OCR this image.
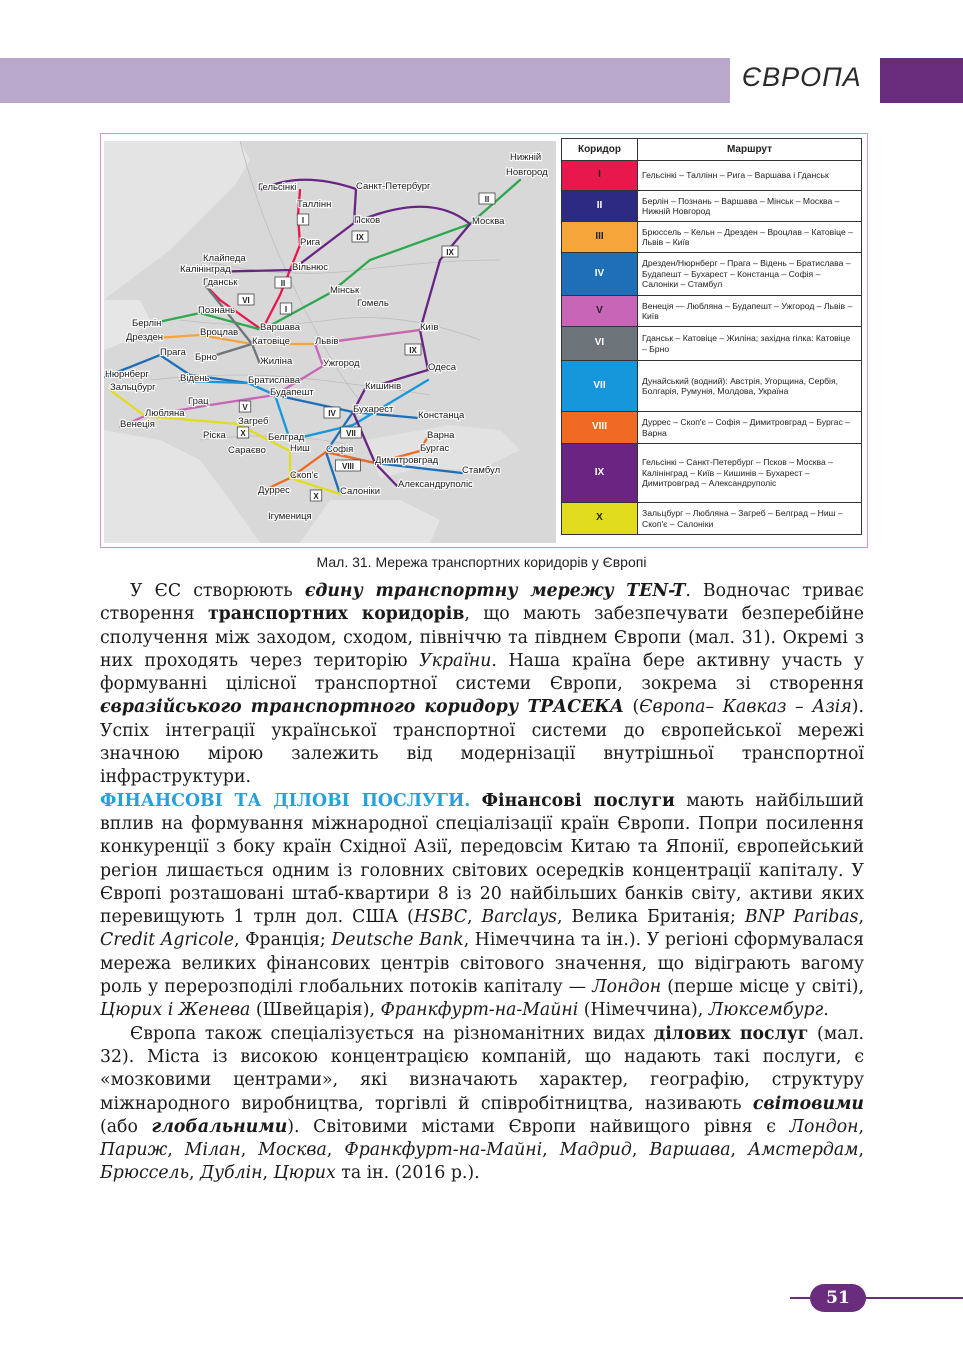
ЄВРОПА
Нижній
Новгород
Гельсінкі	Санкт-Петербург
Таллінн
Псков	Москва
Рига
Клайпеда
Калінінград	Вільнюс
Гданськ
Мінськ
Гомель
Познань
Берлін	Варшава	Київ
Дрезден	Вроцлав
Катовіце	Львів
Прага Брно	Жиліна	Ужгород	Одеса
Нюрнберг	Відень	Братислава
Зальцбург	Кишинів
Будапешт
Грац
Любляна
Загреб
Бухарест
Констанца
Венеція
Ріска	Белград	Варна
Сараєво	Ниш Софія	Бургас
Димитровград
Стамбул
Скоп'є
Александруполіс
Дуррес	Салоніки
Ігумениця
II
I
IX
IX
I
VI
II
IX
V
X
IV
VII
VIII
X
Коридор	Маршрут
I	Гельсінкі – Таллінн – Рига – Варшава і Гданськ
II	Берлін – Познань – Варшава – Мінськ – Москва – Нижній Новгород
III	Брюссель – Кельн – Дрезден – Вроцлав – Катовіце – Львів – Київ
IV	Дрезден/Нюрнберг – Прага – Відень – Братислава – Будапешт – Бухарест – Констанца – Софія – Салоніки – Стамбул
V	Венеція — Любляна – Будапешт – Ужгород – Львів – Київ
VI	Гданськ – Катовіце – Жиліна; західна гілка: Катовіце – Брно
VII	Дунайський (водний): Австрія, Угорщина, Сербія, Болгарія, Румунія, Молдова, Україна
VIII	Дуррес – Скоп'є – Софія – Димитровград – Бургас – Варна
IX	Гельсінкі – Санкт-Петербург – Псков – Москва – Калінінград – Київ – Кишинів – Бухарест – Димитровград – Александруполіс
X	Зальцбург – Любляна – Загреб – Белград – Ниш – Скоп'є – Салоніки
Мал. 31. Мережа транспортних коридорів у Європі

У ЄС створюють єдину транспортну мережу TEN-T. Водночас триває створення транспортних коридорів, що мають забезпечувати безперебійне сполучення між заходом, сходом, північчю та півднем Європи (мал. 31). Окремі з них проходять через територію України. Наша країна бере активну участь у формуванні цілісної транспортної системи Європи, зокрема зі створення євразійського транспортного коридору ТРАСЕКА (Європа– Кавказ – Азія). Успіх інтеграції української транспортної системи до європейської мережі значною мірою залежить від модернізації внутрішньої транспортної інфраструктури.

ФІНАНСОВІ ТА ДІЛОВІ ПОСЛУГИ. Фінансові послуги мають найбільший вплив на формування міжнародної спеціалізації країн Європи. Попри посилення конкуренції з боку країн Східної Азії, передовсім Китаю та Японії, європейський регіон лишається одним із головних світових осередків концентрації капіталу. У Європі розташовані штаб-квартири 8 із 20 найбільших банків світу, активи яких перевищують 1 трлн дол. США (HSBC, Barclays, Велика Британія; BNP Paribas, Credit Agricole, Франція; Deutsche Bank, Німеччина та ін.). У регіоні сформувалася мережа великих фінансових центрів світового значення, що відіграють вагому роль у перерозподілі глобальних потоків капіталу — Лондон (перше місце у світі), Цюрих і Женева (Швейцарія), Франкфурт-на-Майні (Німеччина), Люксембург.

Європа також спеціалізується на різноманітних видах ділових послуг (мал. 32). Міста із високою концентрацією компаній, що надають такі послуги, є «мозковими центрами», які визначають характер, географію, структуру міжнародного виробництва, торгівлі й співробітництва, називають світовими (або глобальними). Світовими містами Європи найвищого рівня є Лондон, Париж, Мілан, Москва, Франкфурт-на-Майні, Мадрид, Варшава, Амстердам, Брюссель, Дублін, Цюрих та ін. (2016 р.).

51
